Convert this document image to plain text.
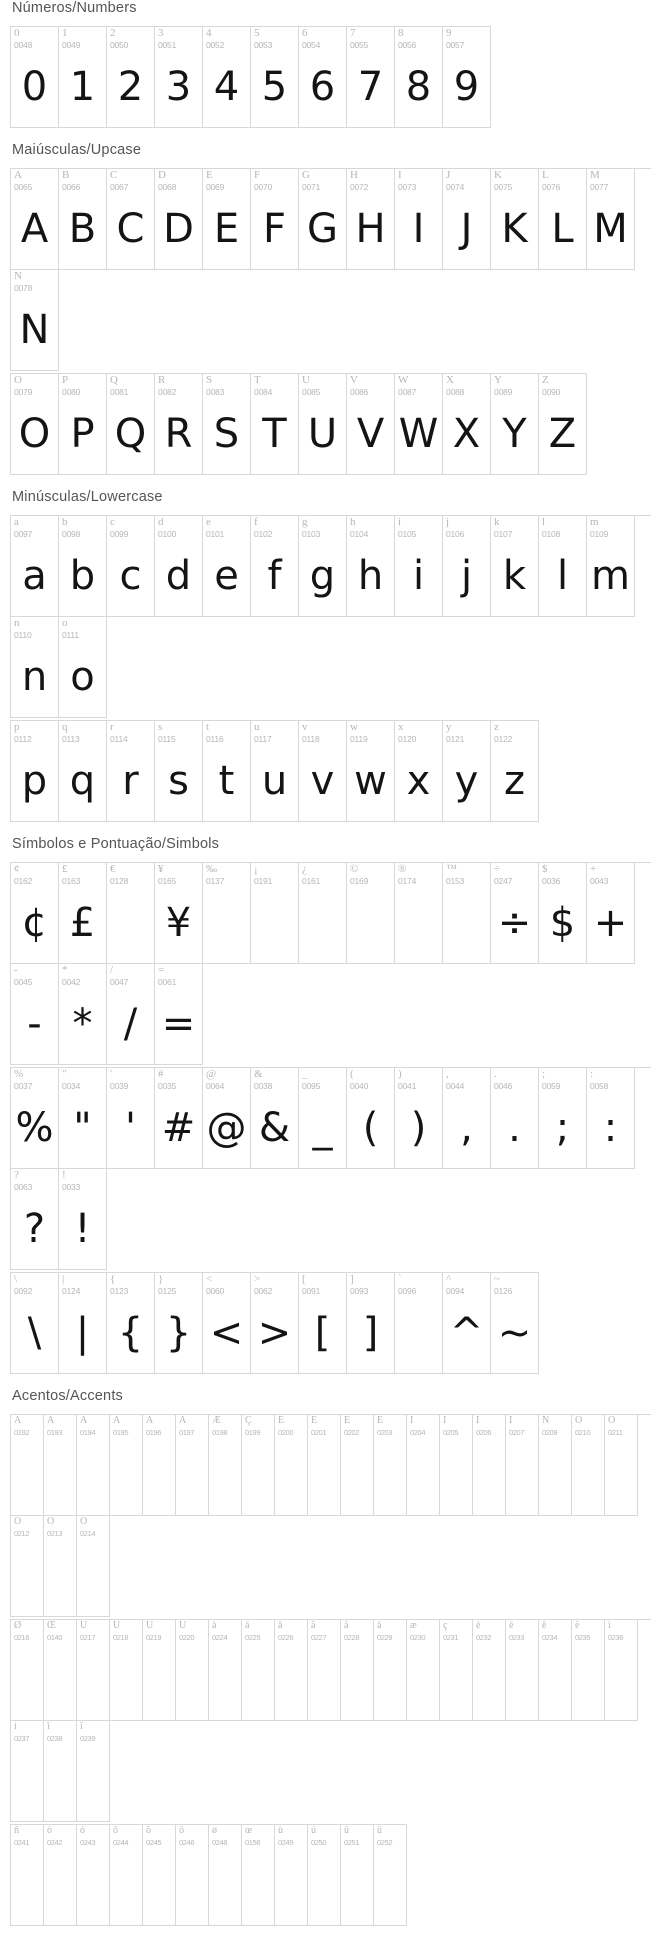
Números/Numbers
0
0048
0
1
0049
1
2
0050
2
3
0051
3
4
0052
4
5
0053
5
6
0054
6
7
0055
7
8
0056
8
9
0057
9
Maiúsculas/Upcase
A
0065
A
B
0066
B
C
0067
C
D
0068
D
E
0069
E
F
0070
F
G
0071
G
H
0072
H
I
0073
I
J
0074
J
K
0075
K
L
0076
L
M
0077
M
N
0078
N
O
0079
O
P
0080
P
Q
0081
Q
R
0082
R
S
0083
S
T
0084
T
U
0085
U
V
0086
V
W
0087
W
X
0088
X
Y
0089
Y
Z
0090
Z
Minúsculas/Lowercase
a
0097
a
b
0098
b
c
0099
c
d
0100
d
e
0101
e
f
0102
f
g
0103
g
h
0104
h
i
0105
i
j
0106
j
k
0107
k
l
0108
l
m
0109
m
n
0110
n
o
0111
o
p
0112
p
q
0113
q
r
0114
r
s
0115
s
t
0116
t
u
0117
u
v
0118
v
w
0119
w
x
0120
x
y
0121
y
z
0122
z
Símbolos e Pontuação/Simbols
¢
0162
¢
£
0163
£
€
0128
¥
0165
¥
‰
0137
¡
0191
¿
0161
©
0169
®
0174
™
0153
÷
0247
÷
$
0036
$
+
0043
+
-
0045
-
*
0042
*
/
0047
/
=
0061
=
%
0037
%
"
0034
"
'
0039
'
#
0035
#
@
0064
@
&
0038
&
_
0095
_
(
0040
(
)
0041
)
,
0044
,
.
0046
.
;
0059
;
:
0058
:
?
0063
?
!
0033
!
\
0092
\
|
0124
|
{
0123
{
}
0125
}
<
0060
<
>
0062
>
[
0091
[
]
0093
]
`
0096
^
0094
^
~
0126
~
Acentos/Accents
À
0192
Á
0193
Â
0194
Ã
0195
Ä
0196
Å
0197
Æ
0198
Ç
0199
È
0200
É
0201
Ê
0202
Ë
0203
Ì
0204
Í
0205
Î
0206
Ï
0207
Ñ
0209
Ò
0210
Ó
0211
Ô
0212
Õ
0213
Ö
0214
Ø
0216
Œ
0140
Ù
0217
Ú
0218
Û
0219
Ü
0220
à
0224
á
0225
â
0226
ã
0227
ä
0228
å
0229
æ
0230
ç
0231
è
0232
é
0233
ê
0234
ë
0235
ì
0236
í
0237
î
0238
ï
0239
ñ
0241
ò
0242
ó
0243
ô
0244
õ
0245
ö
0246
ø
0248
œ
0156
ù
0249
ú
0250
û
0251
ü
0252
